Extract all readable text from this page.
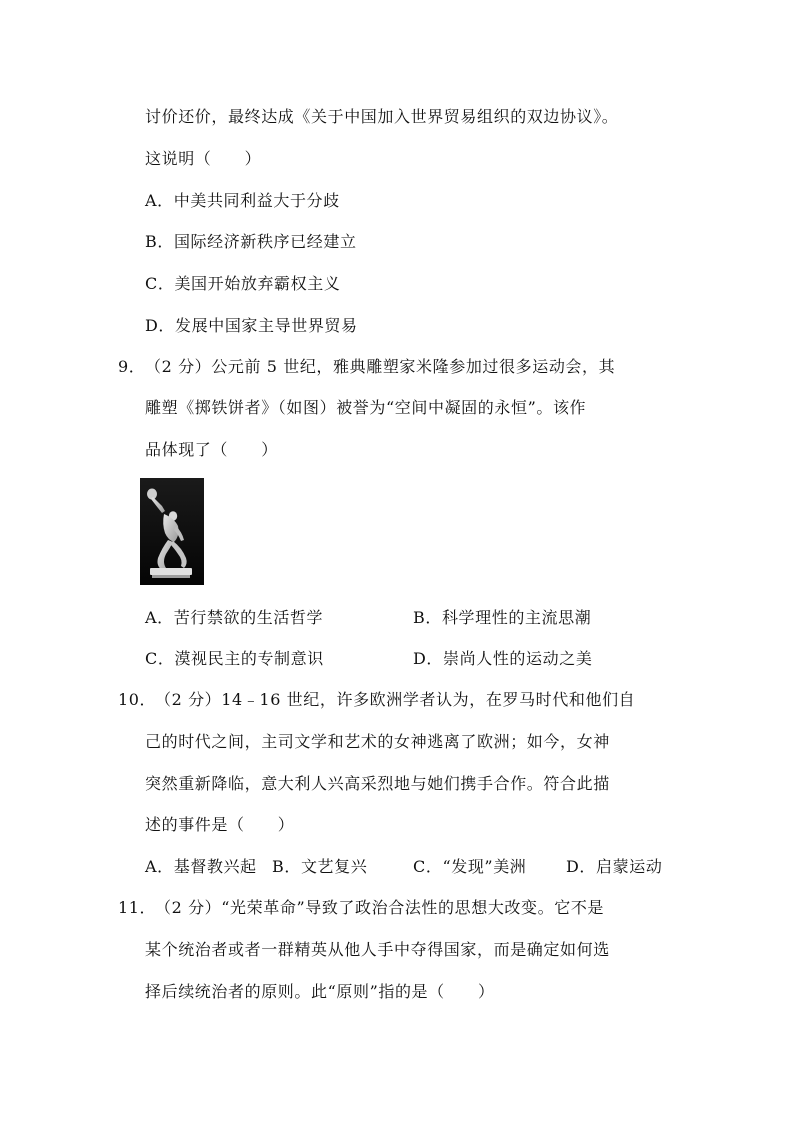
讨价还价，最终达成《关于中国加入世界贸易组织的双边协议》。
这说明（　　）
A．中美共同利益大于分歧
B．国际经济新秩序已经建立
C．美国开始放弃霸权主义
D．发展中国家主导世界贸易
9． （2 分）公元前 5 世纪，雅典雕塑家米隆参加过很多运动会，其
雕塑《掷铁饼者》（如图）被誉为“空间中凝固的永恒”。该作
品体现了（　　）
A．苦行禁欲的生活哲学	B．科学理性的主流思潮
C．漠视民主的专制意识	D．崇尚人性的运动之美
10．
（2 分）14﹣16 世纪，许多欧洲学者认为，在罗马时代和他们自
己的时代之间，主司文学和艺术的女神逃离了欧洲；如今，女神
突然重新降临，意大利人兴高采烈地与她们携手合作。符合此描
述的事件是（　　）
A．基督教兴起 B．文艺复兴	C．“发现”美洲 D．启蒙运动
11．
（2 分）“光荣革命”导致了政治合法性的思想大改变。它不是
某个统治者或者一群精英从他人手中夺得国家，而是确定如何选
择后续统治者的原则。此“原则”指的是（　　）
